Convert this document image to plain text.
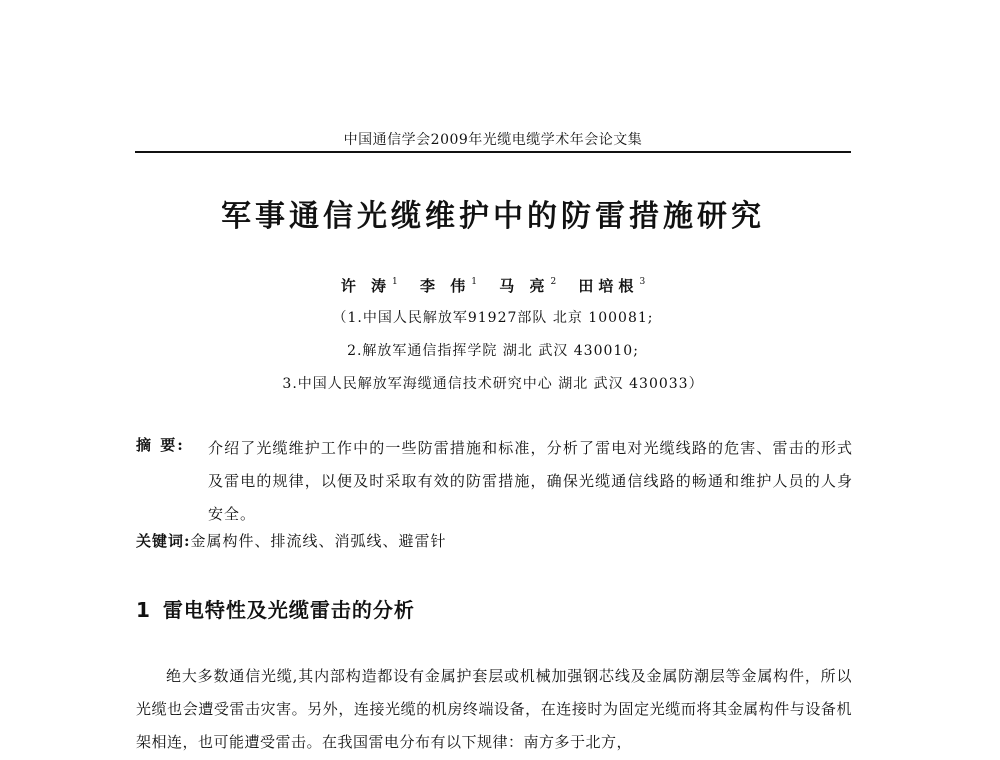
中国通信学会2009年光缆电缆学术年会论文集
军事通信光缆维护中的防雷措施研究
许 涛$^1$ 李 伟$^1$ 马 亮$^2$ 田培根$^3$
（1.中国人民解放军91927部队 北京 100081;
2.解放军通信指挥学院 湖北 武汉 430010;
3.中国人民解放军海缆通信技术研究中心 湖北 武汉 430033）
摘 要: 介绍了光缆维护工作中的一些防雷措施和标准，分析了雷电对光缆线路的危害、雷击的形式及雷电的规律，以便及时采取有效的防雷措施，确保光缆通信线路的畅通和维护人员的人身安全。
关键词:金属构件、排流线、消弧线、避雷针
1 雷电特性及光缆雷击的分析
绝大多数通信光缆,其内部构造都设有金属护套层或机械加强钢芯线及金属防潮层等金属构件，所以光缆也会遭受雷击灾害。另外，连接光缆的机房终端设备，在连接时为固定光缆而将其金属构件与设备机架相连，也可能遭受雷击。在我国雷电分布有以下规律：南方多于北方，
